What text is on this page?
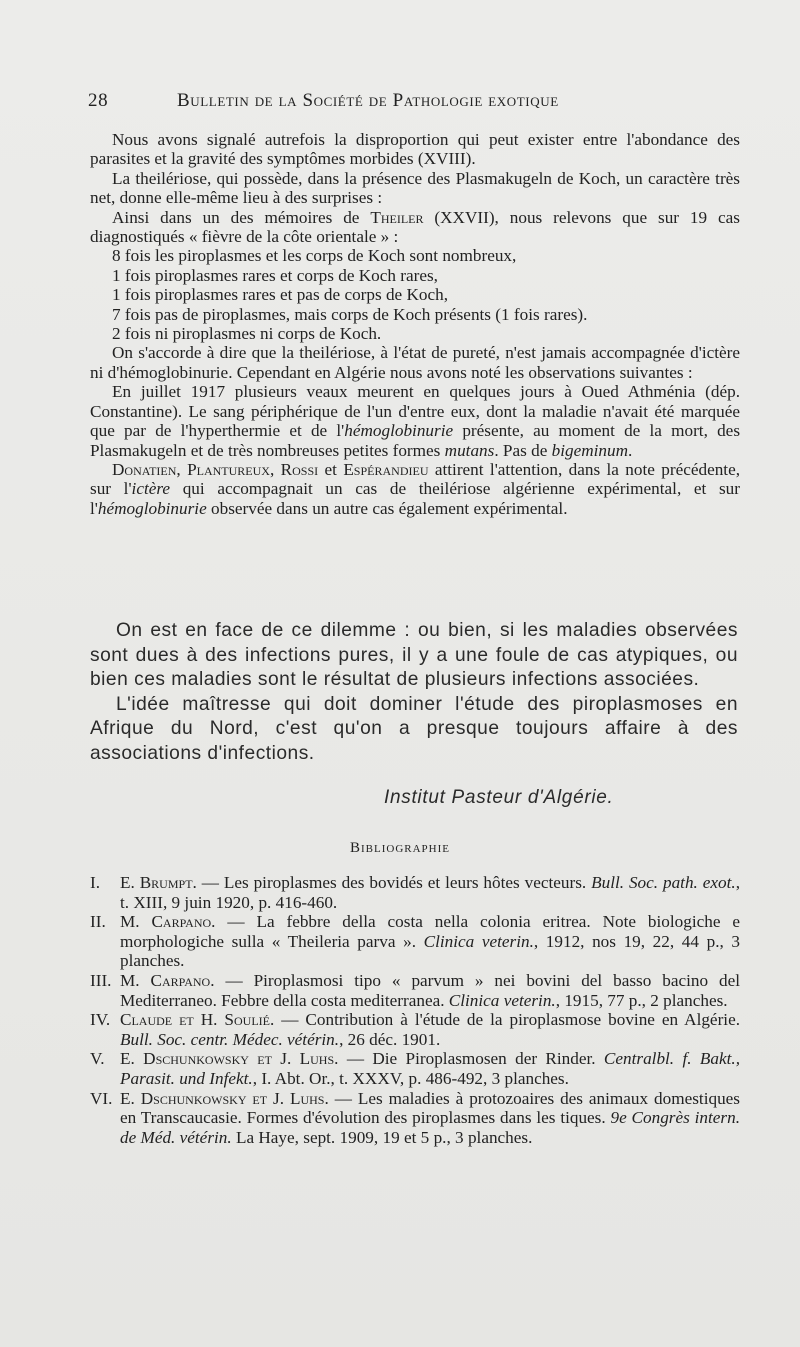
28	Bulletin de la Société de Pathologie exotique

Nous avons signalé autrefois la disproportion qui peut exister entre l'abondance des parasites et la gravité des symptômes morbides (XVIII).

La theilériose, qui possède, dans la présence des Plasmakugeln de Koch, un caractère très net, donne elle-même lieu à des surprises :

Ainsi dans un des mémoires de Theiler (XXVII), nous relevons que sur 19 cas diagnostiqués « fièvre de la côte orientale » :

8 fois les piroplasmes et les corps de Koch sont nombreux,

1 fois piroplasmes rares et corps de Koch rares,

1 fois piroplasmes rares et pas de corps de Koch,

7 fois pas de piroplasmes, mais corps de Koch présents (1 fois rares).

2 fois ni piroplasmes ni corps de Koch.

On s'accorde à dire que la theilériose, à l'état de pureté, n'est jamais accompagnée d'ictère ni d'hémoglobinurie. Cependant en Algérie nous avons noté les observations suivantes :

En juillet 1917 plusieurs veaux meurent en quelques jours à Oued Athménia (dép. Constantine). Le sang périphérique de l'un d'entre eux, dont la maladie n'avait été marquée que par de l'hyperthermie et de l'hémoglobinurie présente, au moment de la mort, des Plasmakugeln et de très nombreuses petites formes mutans. Pas de bigeminum.

Donatien, Plantureux, Rossi et Espérandieu attirent l'attention, dans la note précédente, sur l'ictère qui accompagnait un cas de theilériose algérienne expérimental, et sur l'hémoglobinurie observée dans un autre cas également expérimental.

On est en face de ce dilemme : ou bien, si les maladies observées sont dues à des infections pures, il y a une foule de cas atypiques, ou bien ces maladies sont le résultat de plusieurs infections associées.

L'idée maîtresse qui doit dominer l'étude des piroplasmoses en Afrique du Nord, c'est qu'on a presque toujours affaire à des associations d'infections.

Institut Pasteur d'Algérie.
Bibliographie
I. E. Brumpt. — Les piroplasmes des bovidés et leurs hôtes vecteurs. Bull. Soc. path. exot., t. XIII, 9 juin 1920, p. 416-460.
II. M. Carpano. — La febbre della costa nella colonia eritrea. Note biologiche e morphologiche sulla « Theileria parva ». Clinica veterin., 1912, nos 19, 22, 44 p., 3 planches.
III. M. Carpano. — Piroplasmosi tipo « parvum » nei bovini del basso bacino del Mediterraneo. Febbre della costa mediterranea. Clinica veterin., 1915, 77 p., 2 planches.
IV. Claude et H. Soulié. — Contribution à l'étude de la piroplasmose bovine en Algérie. Bull. Soc. centr. Médec. vétérin., 26 déc. 1901.
V. E. Dschunkowsky et J. Luhs. — Die Piroplasmosen der Rinder. Centralbl. f. Bakt., Parasit. und Infekt., I. Abt. Or., t. XXXV, p. 486-492, 3 planches.
VI. E. Dschunkowsky et J. Luhs. — Les maladies à protozoaires des animaux domestiques en Transcaucasie. Formes d'évolution des piroplasmes dans les tiques. 9e Congrès intern. de Méd. vétérin. La Haye, sept. 1909, 19 et 5 p., 3 planches.
